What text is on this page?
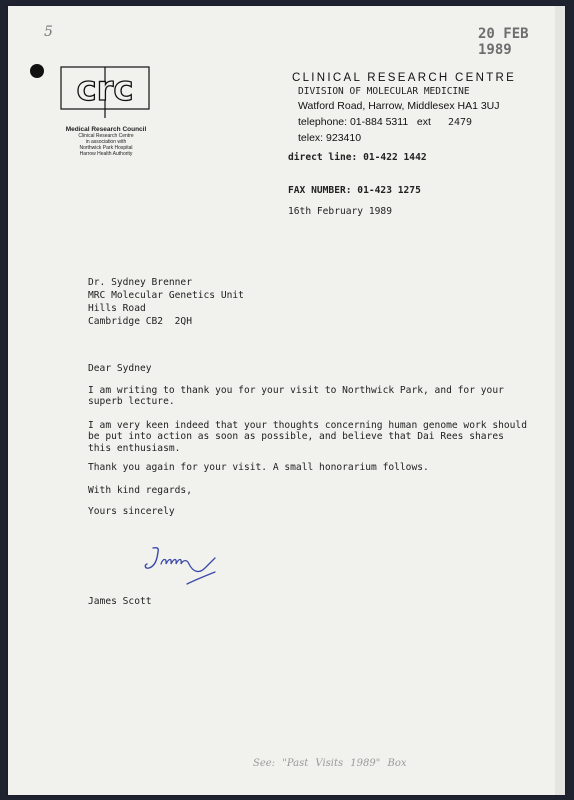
5	20 FEB 1989
crc
Medical Research Council
Clinical Research Centre
in association with
Northwick Park Hospital
Harrow Health Authority
CLINICAL RESEARCH CENTRE
DIVISION OF MOLECULAR MEDICINE
Watford Road, Harrow, Middlesex HA1 3UJ
telephone: 01-884 5311   ext 2479
telex: 923410
direct line: 01-422 1442
FAX NUMBER: 01-423 1275
16th February 1989
Dr. Sydney Brenner
MRC Molecular Genetics Unit
Hills Road
Cambridge CB2  2QH
Dear Sydney
I am writing to thank you for your visit to Northwick Park, and for your superb lecture.
I am very keen indeed that your thoughts concerning human genome work should be put into action as soon as possible, and believe that Dai Rees shares this enthusiasm.
Thank you again for your visit. A small honorarium follows.
With kind regards,
Yours sincerely
James Scott
See: "Past Visits 1989" Box
